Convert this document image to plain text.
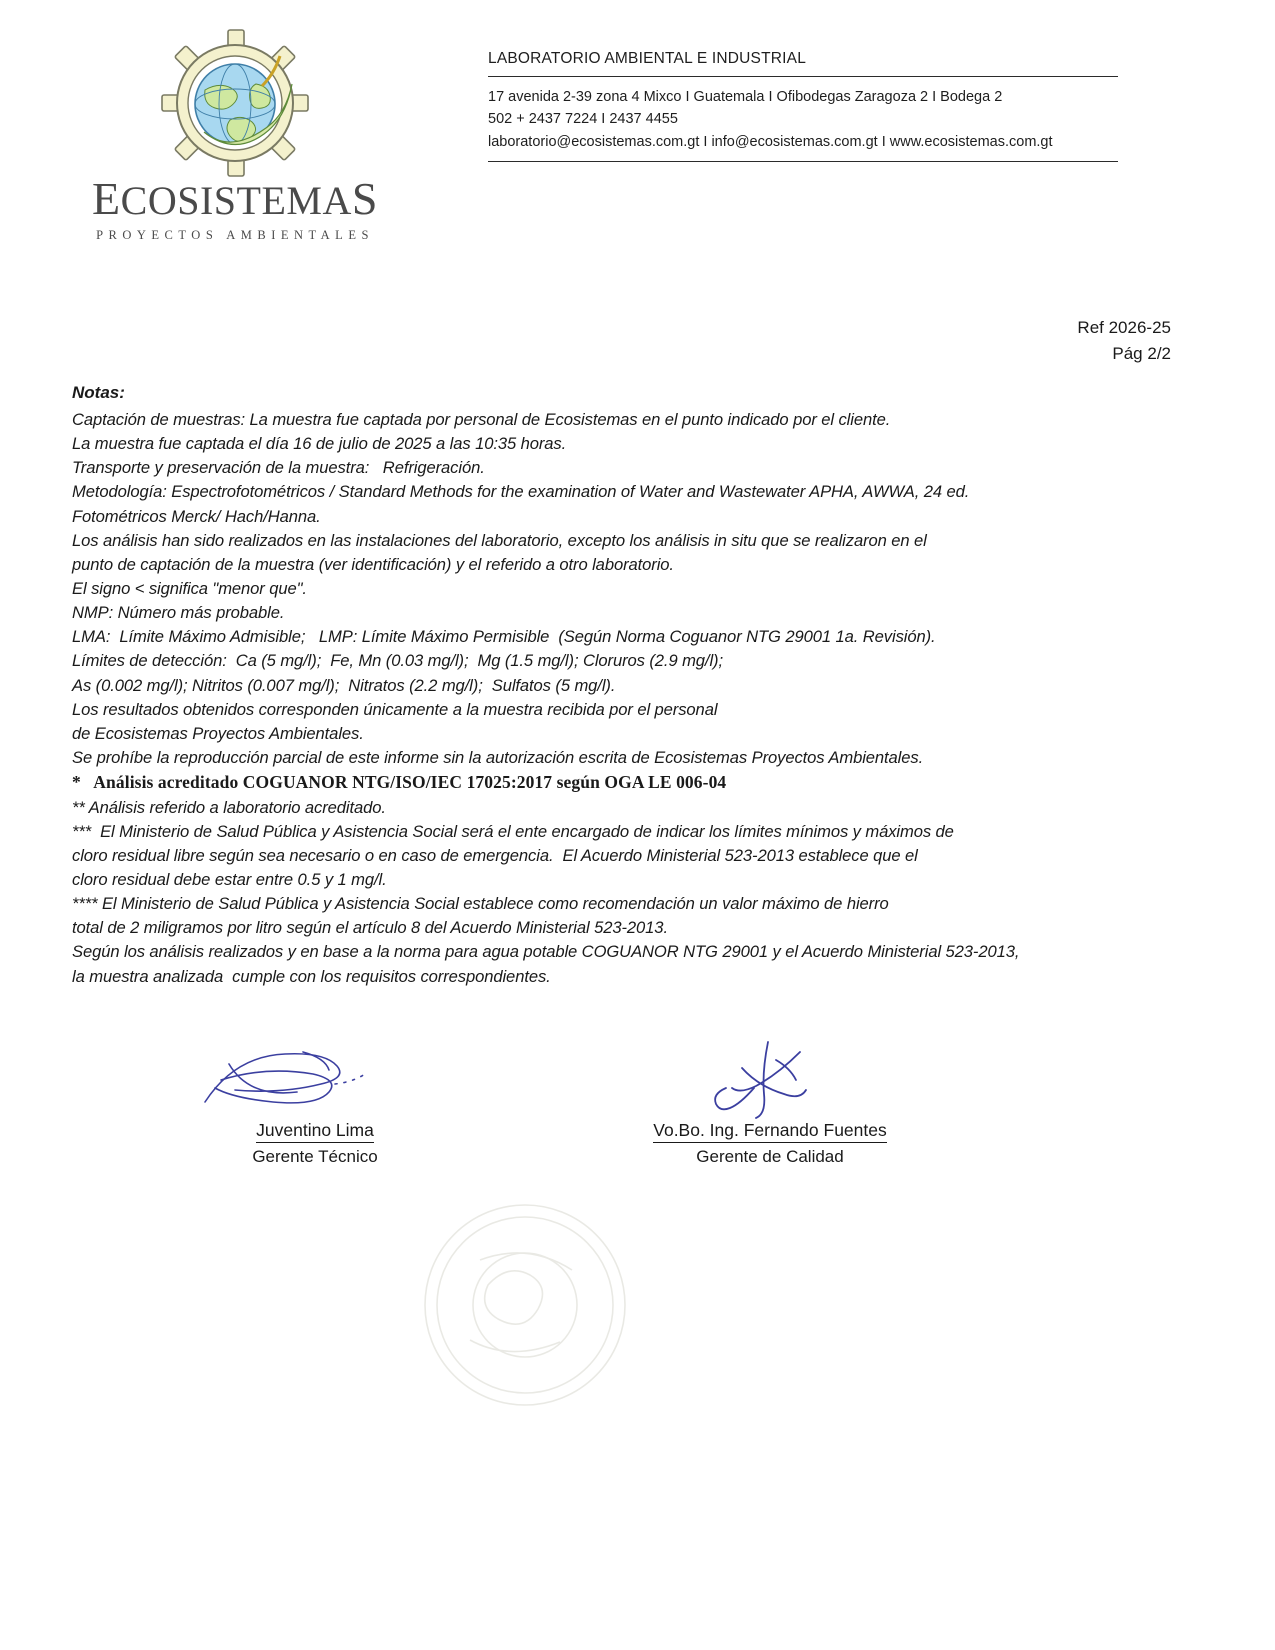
ECOSISTEMAS
PROYECTOS AMBIENTALES
LABORATORIO AMBIENTAL E INDUSTRIAL
17 avenida 2-39 zona 4 Mixco I Guatemala I Ofibodegas Zaragoza 2 I Bodega 2
502 + 2437 7224 I 2437 4455
laboratorio@ecosistemas.com.gt I info@ecosistemas.com.gt I www.ecosistemas.com.gt
Ref 2026-25
Pág 2/2
Notas:
Captación de muestras: La muestra fue captada por personal de Ecosistemas en el punto indicado por el cliente.
La muestra fue captada el día 16 de julio de 2025 a las 10:35 horas.
Transporte y preservación de la muestra:   Refrigeración.
Metodología: Espectrofotométricos / Standard Methods for the examination of Water and Wastewater APHA, AWWA, 24 ed.
Fotométricos Merck/ Hach/Hanna.
Los análisis han sido realizados en las instalaciones del laboratorio, excepto los análisis in situ que se realizaron en el
punto de captación de la muestra (ver identificación) y el referido a otro laboratorio.
El signo < significa "menor que".
NMP: Número más probable.
LMA:  Límite Máximo Admisible;   LMP: Límite Máximo Permisible  (Según Norma Coguanor NTG 29001 1a. Revisión).
Límites de detección:  Ca (5 mg/l);  Fe, Mn (0.03 mg/l);  Mg (1.5 mg/l); Cloruros (2.9 mg/l);
As (0.002 mg/l); Nitritos (0.007 mg/l);  Nitratos (2.2 mg/l);  Sulfatos (5 mg/l).
Los resultados obtenidos corresponden únicamente a la muestra recibida por el personal
de Ecosistemas Proyectos Ambientales.
Se prohíbe la reproducción parcial de este informe sin la autorización escrita de Ecosistemas Proyectos Ambientales.
*   Análisis acreditado COGUANOR NTG/ISO/IEC 17025:2017 según OGA LE 006-04
** Análisis referido a laboratorio acreditado.
***  El Ministerio de Salud Pública y Asistencia Social será el ente encargado de indicar los límites mínimos y máximos de
cloro residual libre según sea necesario o en caso de emergencia.  El Acuerdo Ministerial 523-2013 establece que el
cloro residual debe estar entre 0.5 y 1 mg/l.
**** El Ministerio de Salud Pública y Asistencia Social establece como recomendación un valor máximo de hierro
total de 2 miligramos por litro según el artículo 8 del Acuerdo Ministerial 523-2013.
Según los análisis realizados y en base a la norma para agua potable COGUANOR NTG 29001 y el Acuerdo Ministerial 523-2013,
la muestra analizada  cumple con los requisitos correspondientes.
Juventino Lima
Gerente Técnico
Vo.Bo. Ing. Fernando Fuentes
Gerente de Calidad
